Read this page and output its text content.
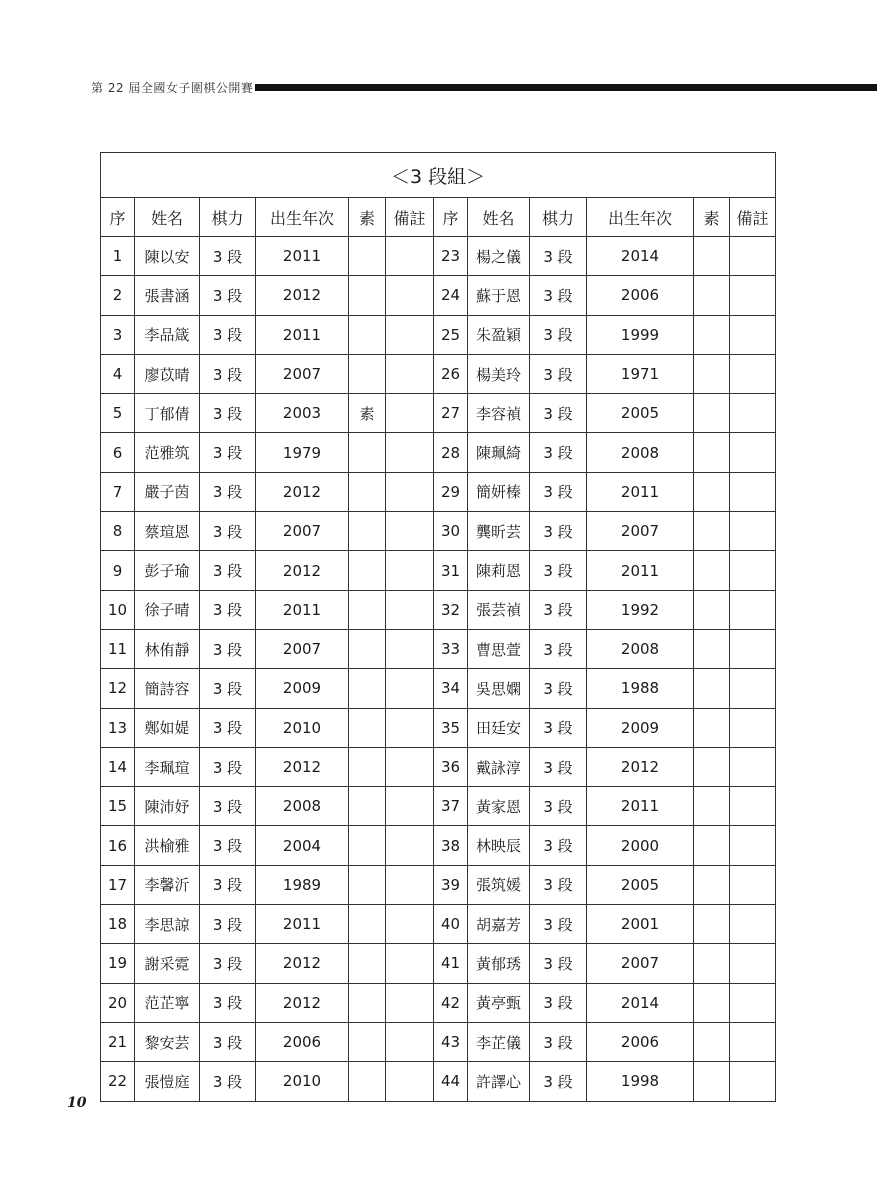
第 22 屆全國女子圍棋公開賽
＜3 段組＞											
序	姓名	棋力	出生年次	素	備註	序	姓名	棋力	出生年次	素	備註
1	陳以安	3 段	2011			23	楊之儀	3 段	2014		
2	張書涵	3 段	2012			24	蘇于恩	3 段	2006		
3	李品箴	3 段	2011			25	朱盈穎	3 段	1999		
4	廖苡晴	3 段	2007			26	楊美玲	3 段	1971		
5	丁郁倩	3 段	2003	素		27	李容禎	3 段	2005		
6	范雅筑	3 段	1979			28	陳珮綺	3 段	2008		
7	嚴子茵	3 段	2012			29	簡妍榛	3 段	2011		
8	蔡瑄恩	3 段	2007			30	龔昕芸	3 段	2007		
9	彭子瑜	3 段	2012			31	陳莉恩	3 段	2011		
10	徐子晴	3 段	2011			32	張芸禎	3 段	1992		
11	林侑靜	3 段	2007			33	曹思萱	3 段	2008		
12	簡詩容	3 段	2009			34	吳思嫻	3 段	1988		
13	鄭如媞	3 段	2010			35	田廷安	3 段	2009		
14	李珮瑄	3 段	2012			36	戴詠淳	3 段	2012		
15	陳沛妤	3 段	2008			37	黃家恩	3 段	2011		
16	洪榆雅	3 段	2004			38	林映辰	3 段	2000		
17	李馨沂	3 段	1989			39	張筑媛	3 段	2005		
18	李思諒	3 段	2011			40	胡嘉芳	3 段	2001		
19	謝采霓	3 段	2012			41	黃郁琇	3 段	2007		
20	范芷寧	3 段	2012			42	黃亭甄	3 段	2014		
21	黎安芸	3 段	2006			43	李芷儀	3 段	2006		
22	張愷庭	3 段	2010			44	許譯心	3 段	1998		
10
